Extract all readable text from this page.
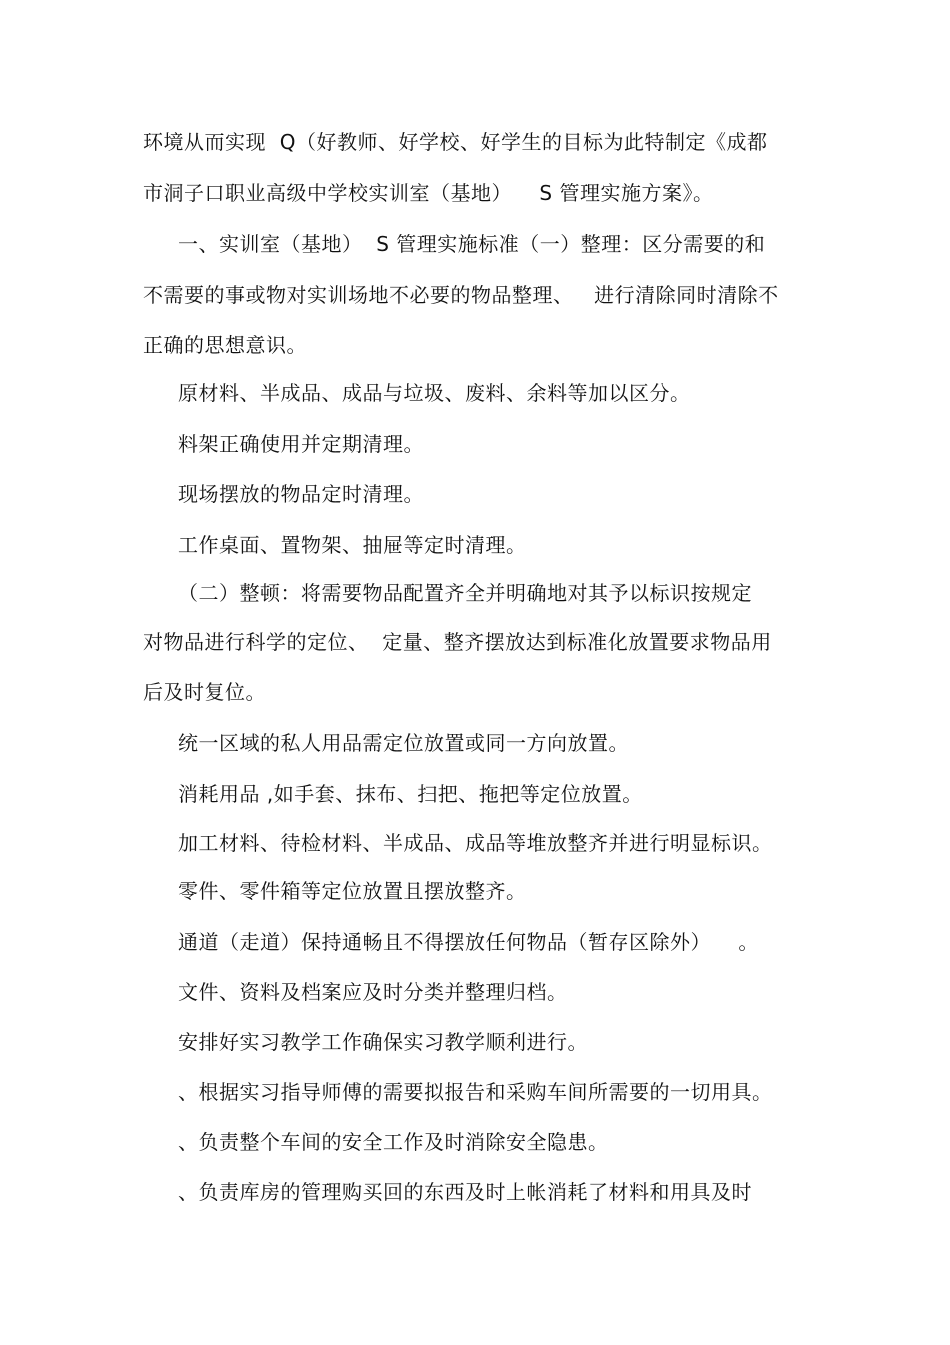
环境从而实现  Q（好教师、好学校、好学生的目标为此特制定《成都
市洞子口职业高级中学校实训室（基地）    S 管理实施方案》。
一、实训室（基地）  S 管理实施标准（一）整理：区分需要的和
不需要的事或物对实训场地不必要的物品整理、   进行清除同时清除不
正确的思想意识。
原材料、半成品、成品与垃圾、废料、余料等加以区分。
料架正确使用并定期清理。
现场摆放的物品定时清理。
工作桌面、置物架、抽屉等定时清理。
（二）整顿：将需要物品配置齐全并明确地对其予以标识按规定
对物品进行科学的定位、  定量、整齐摆放达到标准化放置要求物品用
后及时复位。
统一区域的私人用品需定位放置或同一方向放置。
消耗用品 ,如手套、抹布、扫把、拖把等定位放置。
加工材料、待检材料、半成品、成品等堆放整齐并进行明显标识。
零件、零件箱等定位放置且摆放整齐。
通道（走道）保持通畅且不得摆放任何物品（暂存区除外）    。
文件、资料及档案应及时分类并整理归档。
安排好实习教学工作确保实习教学顺利进行。
、根据实习指导师傅的需要拟报告和采购车间所需要的一切用具。
、负责整个车间的安全工作及时消除安全隐患。
、负责库房的管理购买回的东西及时上帐消耗了材料和用具及时
